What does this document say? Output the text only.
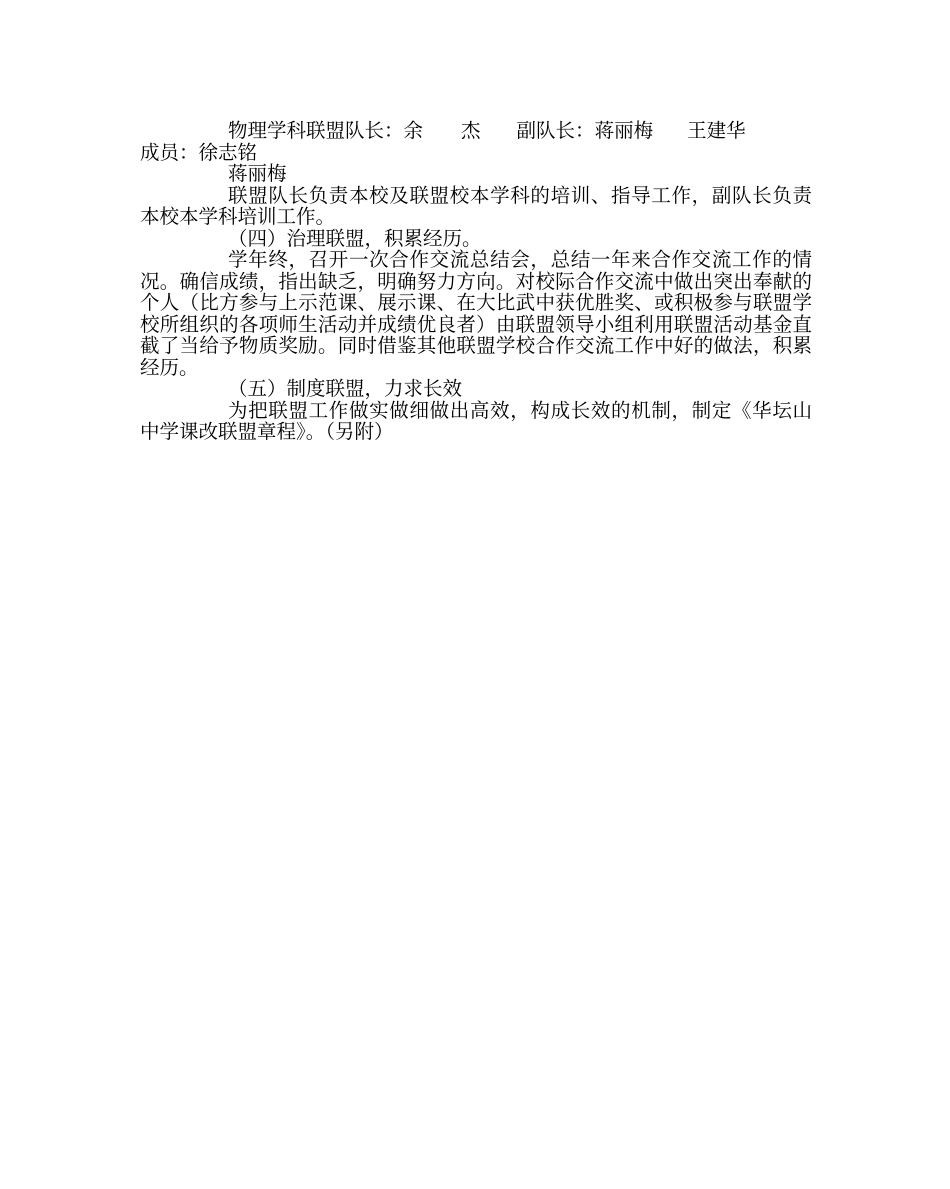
物理学科联盟队长：余 杰 副队长：蒋丽梅 王建华

成员：徐志铭

蒋丽梅

联盟队长负责本校及联盟校本学科的培训、指导工作，副队长负责本校本学科培训工作。

（四）治理联盟，积累经历。

学年终，召开一次合作交流总结会，总结一年来合作交流工作的情况。确信成绩，指出缺乏，明确努力方向。对校际合作交流中做出突出奉献的个人（比方参与上示范课、展示课、在大比武中获优胜奖、或积极参与联盟学校所组织的各项师生活动并成绩优良者）由联盟领导小组利用联盟活动基金直截了当给予物质奖励。同时借鉴其他联盟学校合作交流工作中好的做法，积累经历。

（五）制度联盟，力求长效

为把联盟工作做实做细做出高效，构成长效的机制，制定《华坛山中学课改联盟章程》。（另附）
